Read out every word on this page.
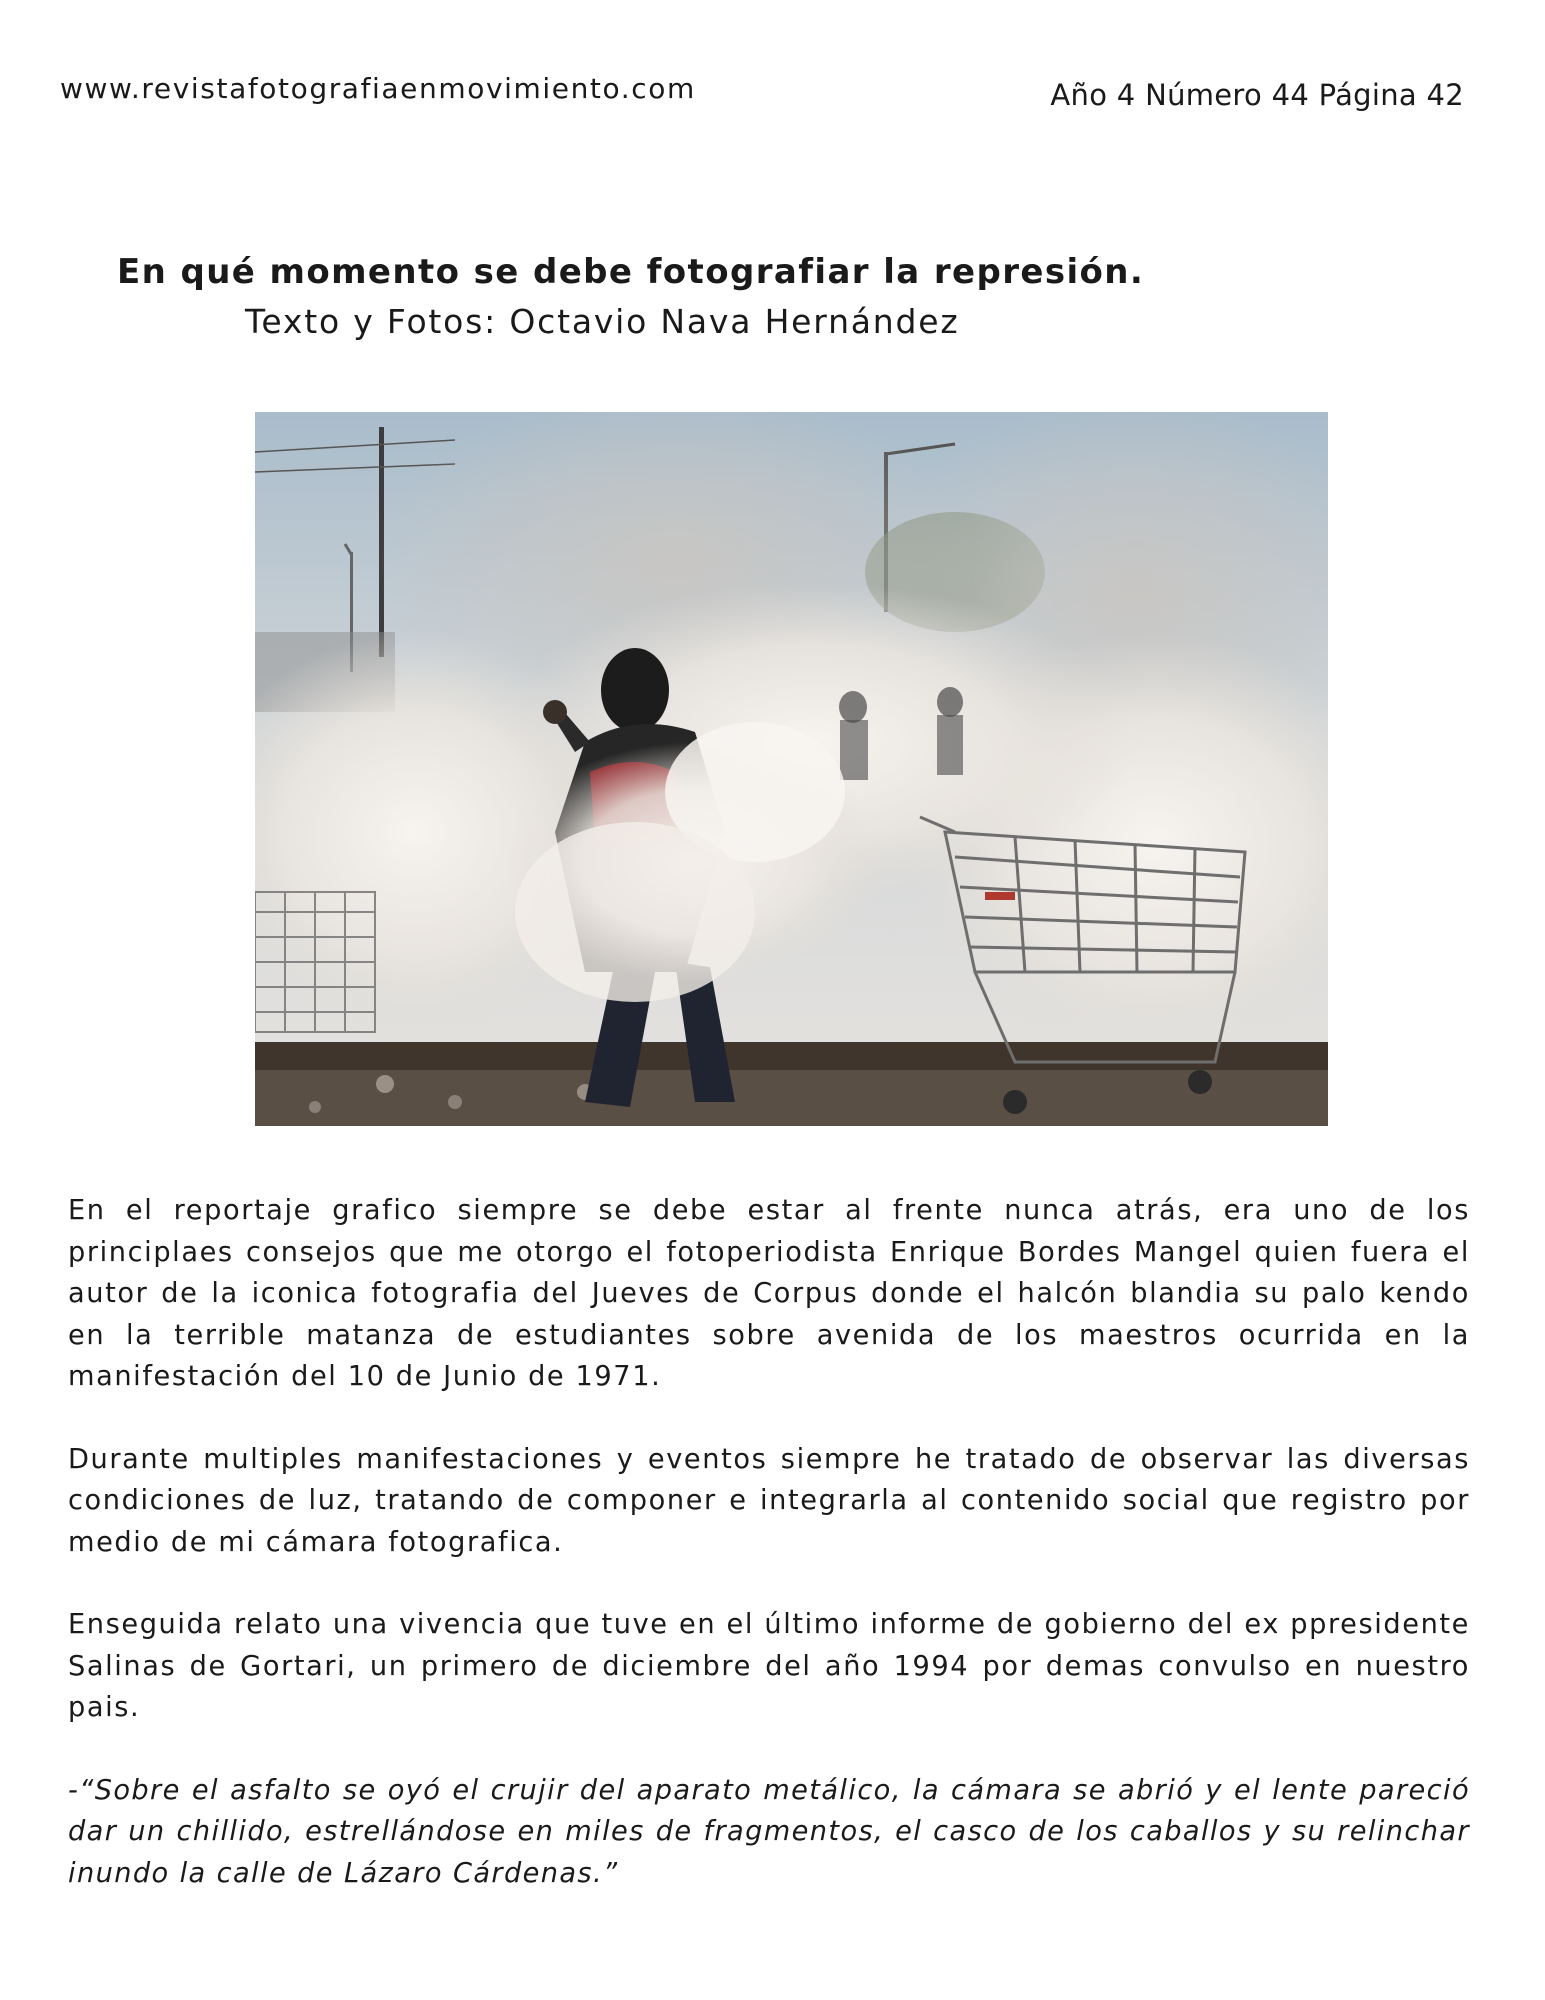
www.revistafotografiaenmovimiento.com	Año 4 Número 44 Página 42
En qué momento se debe fotografiar la represión.
Texto y Fotos: Octavio Nava Hernández

En el reportaje grafico siempre se debe estar al frente nunca atrás, era uno de los principlaes consejos que me otorgo el fotoperiodista Enrique Bordes Mangel quien fuera el autor de la iconica fotografia del Jueves de Corpus donde el halcón blandia su palo kendo en la terrible matanza de estudiantes sobre avenida de los maestros ocurrida en la manifestación del 10 de Junio de 1971.

Durante multiples manifestaciones y eventos siempre he tratado de observar las diversas condiciones de luz, tratando de componer e integrarla al contenido social que registro por medio de mi cámara fotografica.

Enseguida relato una vivencia que tuve en el último informe de gobierno del ex ppresidente Salinas de Gortari, un primero de diciembre del año 1994 por demas convulso en nuestro pais.

-“Sobre el asfalto se oyó el crujir del aparato metálico, la cámara se abrió y el lente pareció dar un chillido, estrellándose en miles de fragmentos, el casco de los caballos y su relinchar inundo la calle de Lázaro Cárdenas.”
